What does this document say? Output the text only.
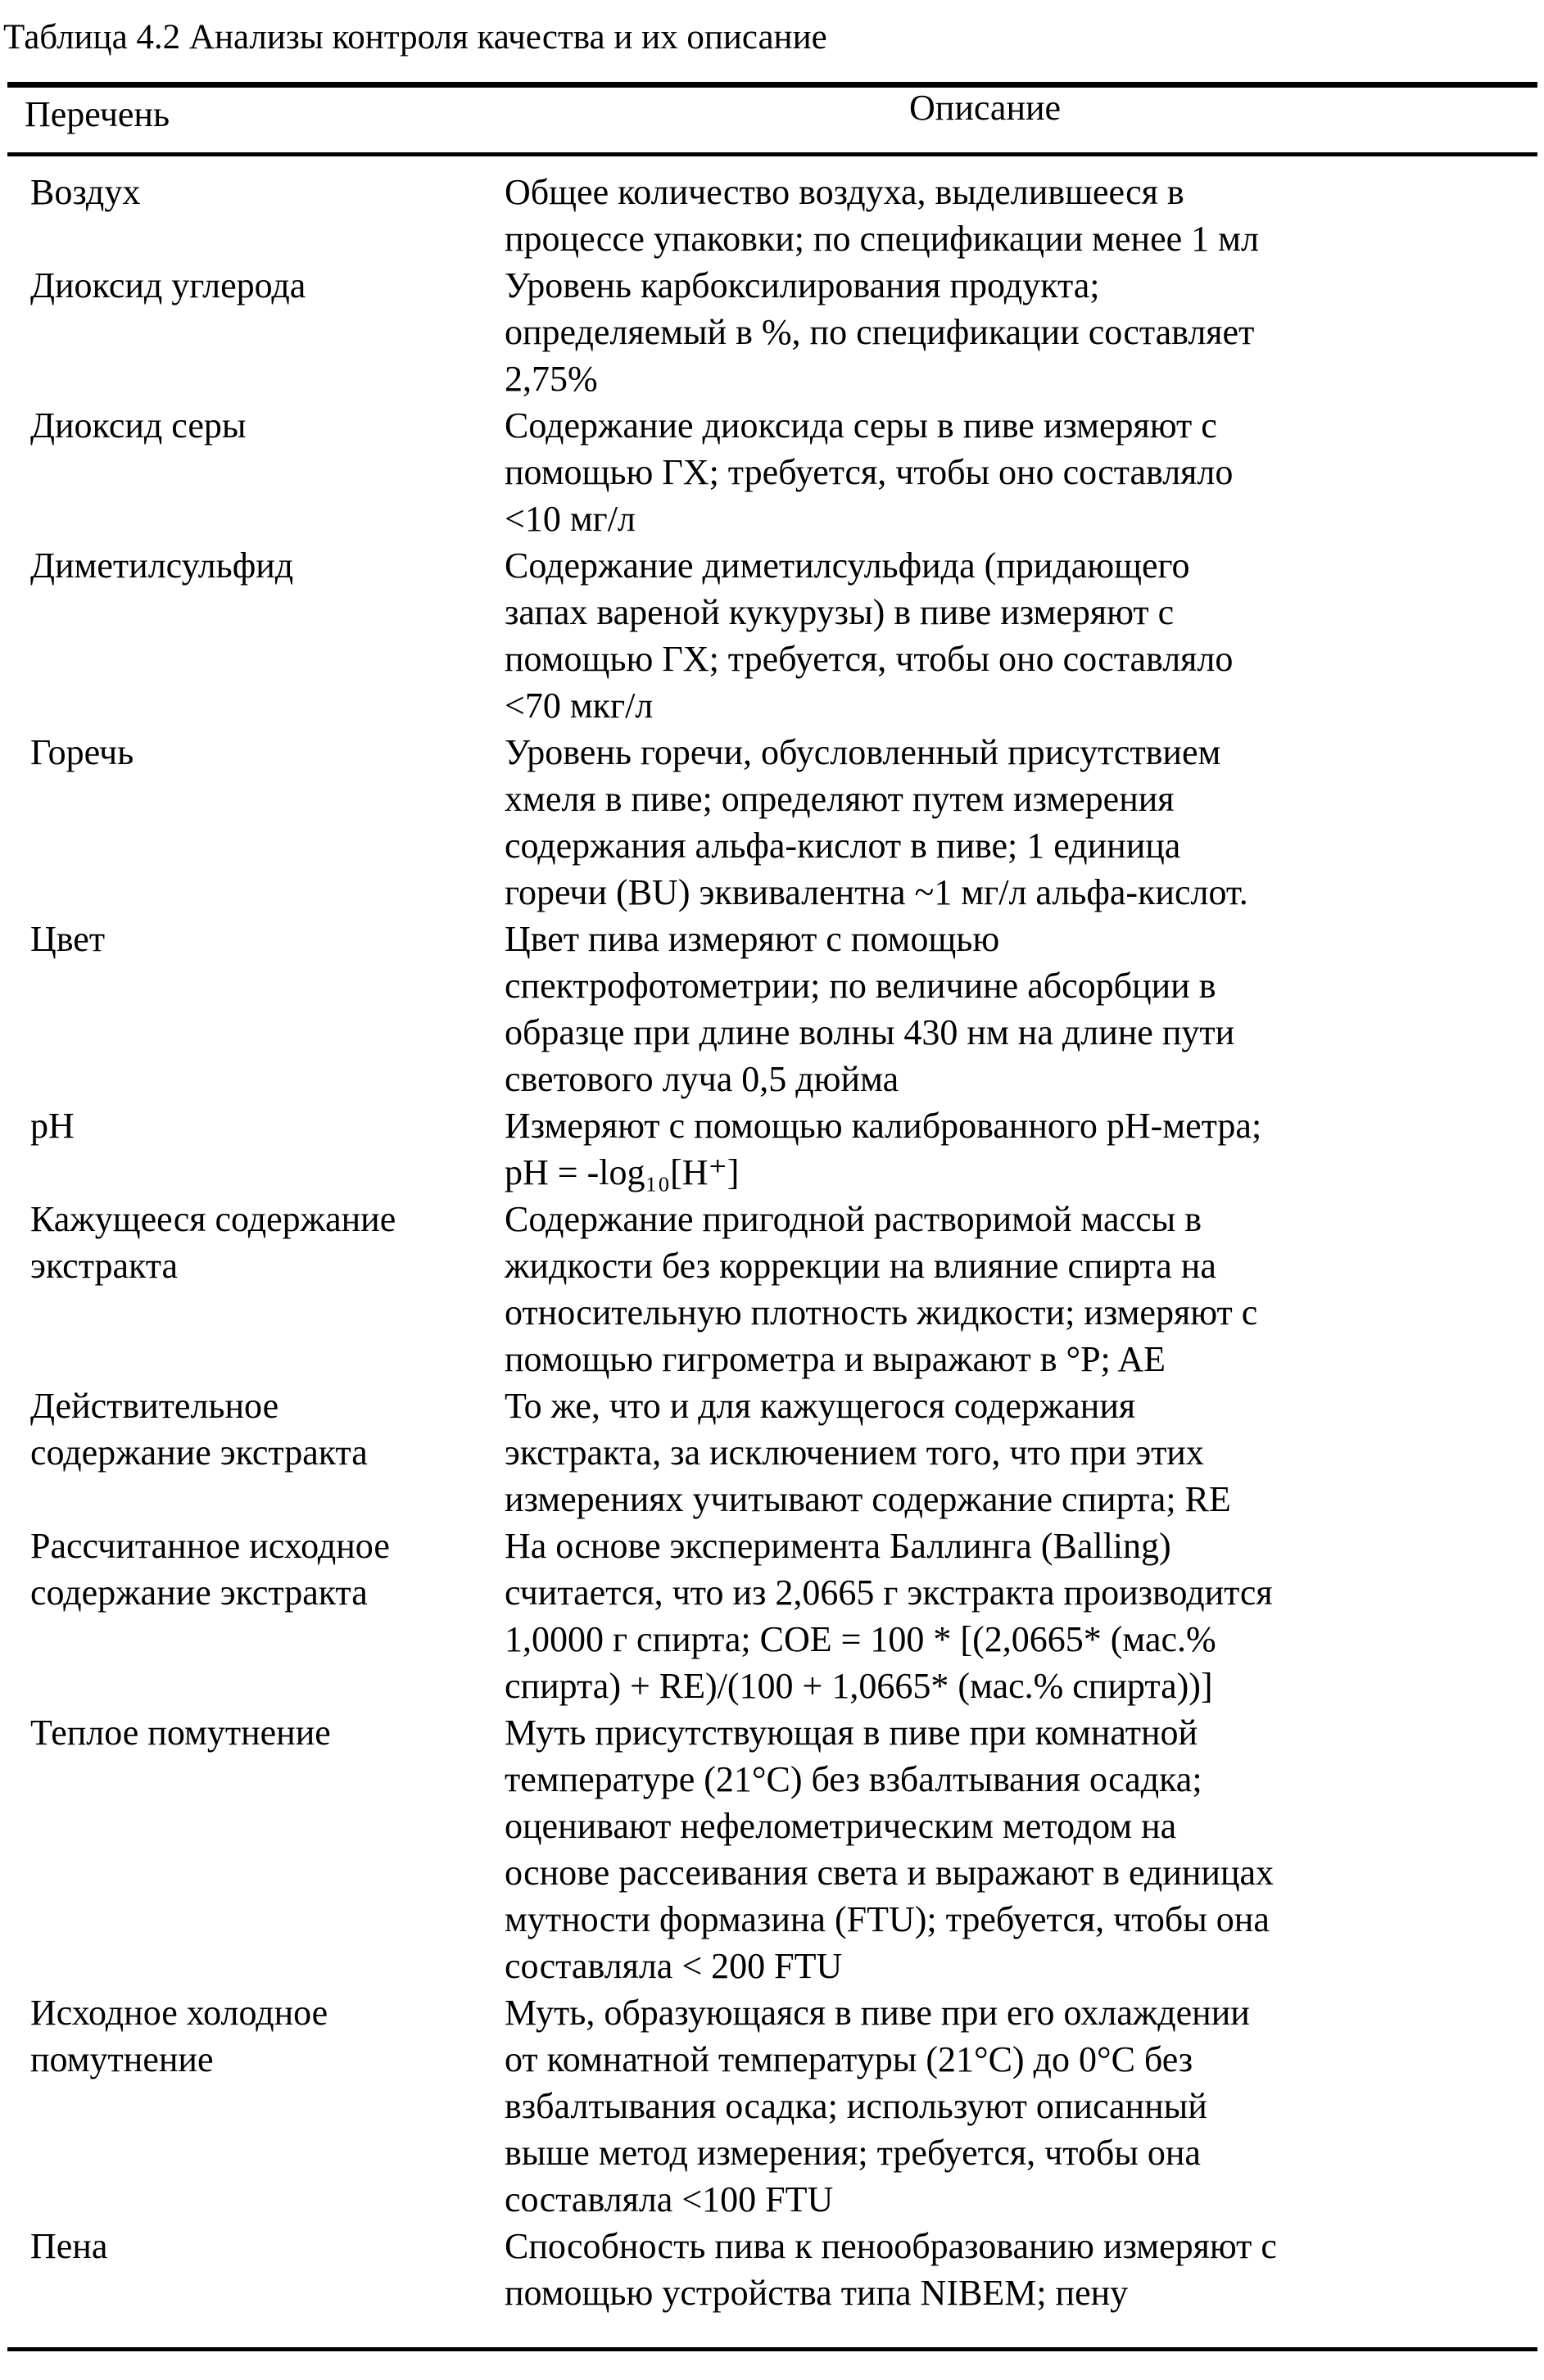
Таблица 4.2 Анализы контроля качества и их описание
Перечень	Описание
Воздух	Общее количество воздуха, выделившееся в
процессе упаковки; по спецификации менее 1 мл
Диоксид углерода	Уровень карбоксилирования продукта;
определяемый в %, по спецификации составляет
2,75%
Диоксид серы	Содержание диоксида серы в пиве измеряют с
помощью ГХ; требуется, чтобы оно составляло
<10 мг/л
Диметилсульфид	Содержание диметилсульфида (придающего
запах вареной кукурузы) в пиве измеряют с
помощью ГХ; требуется, чтобы оно составляло
<70 мкг/л
Горечь	Уровень горечи, обусловленный присутствием
хмеля в пиве; определяют путем измерения
содержания альфа-кислот в пиве; 1 единица
горечи (BU) эквивалентна ~1 мг/л альфа-кислот.
Цвет	Цвет пива измеряют с помощью
спектрофотометрии; по величине абсорбции в
образце при длине волны 430 нм на длине пути
светового луча 0,5 дюйма
pH	Измеряют с помощью калиброванного pH-метра;
pH = -log₁₀[H⁺]
Кажущееся содержание
экстракта
Содержание пригодной растворимой массы в
жидкости без коррекции на влияние спирта на
относительную плотность жидкости; измеряют с
помощью гигрометра и выражают в °P; AE
Действительное
содержание экстракта
То же, что и для кажущегося содержания
экстракта, за исключением того, что при этих
измерениях учитывают содержание спирта; RE
Рассчитанное исходное
содержание экстракта
На основе эксперимента Баллинга (Balling)
считается, что из 2,0665 г экстракта производится
1,0000 г спирта; COE = 100 * [(2,0665* (мас.%
спирта) + RE)/(100 + 1,0665* (мас.% спирта))]
Теплое помутнение	Муть присутствующая в пиве при комнатной
температуре (21°C) без взбалтывания осадка;
оценивают нефелометрическим методом на
основе рассеивания света и выражают в единицах
мутности формазина (FTU); требуется, чтобы она
составляла < 200 FTU
Исходное холодное
помутнение
Муть, образующаяся в пиве при его охлаждении
от комнатной температуры (21°C) до 0°C без
взбалтывания осадка; используют описанный
выше метод измерения; требуется, чтобы она
составляла <100 FTU
Пена	Способность пива к пенообразованию измеряют с
помощью устройства типа NIBEM; пену
